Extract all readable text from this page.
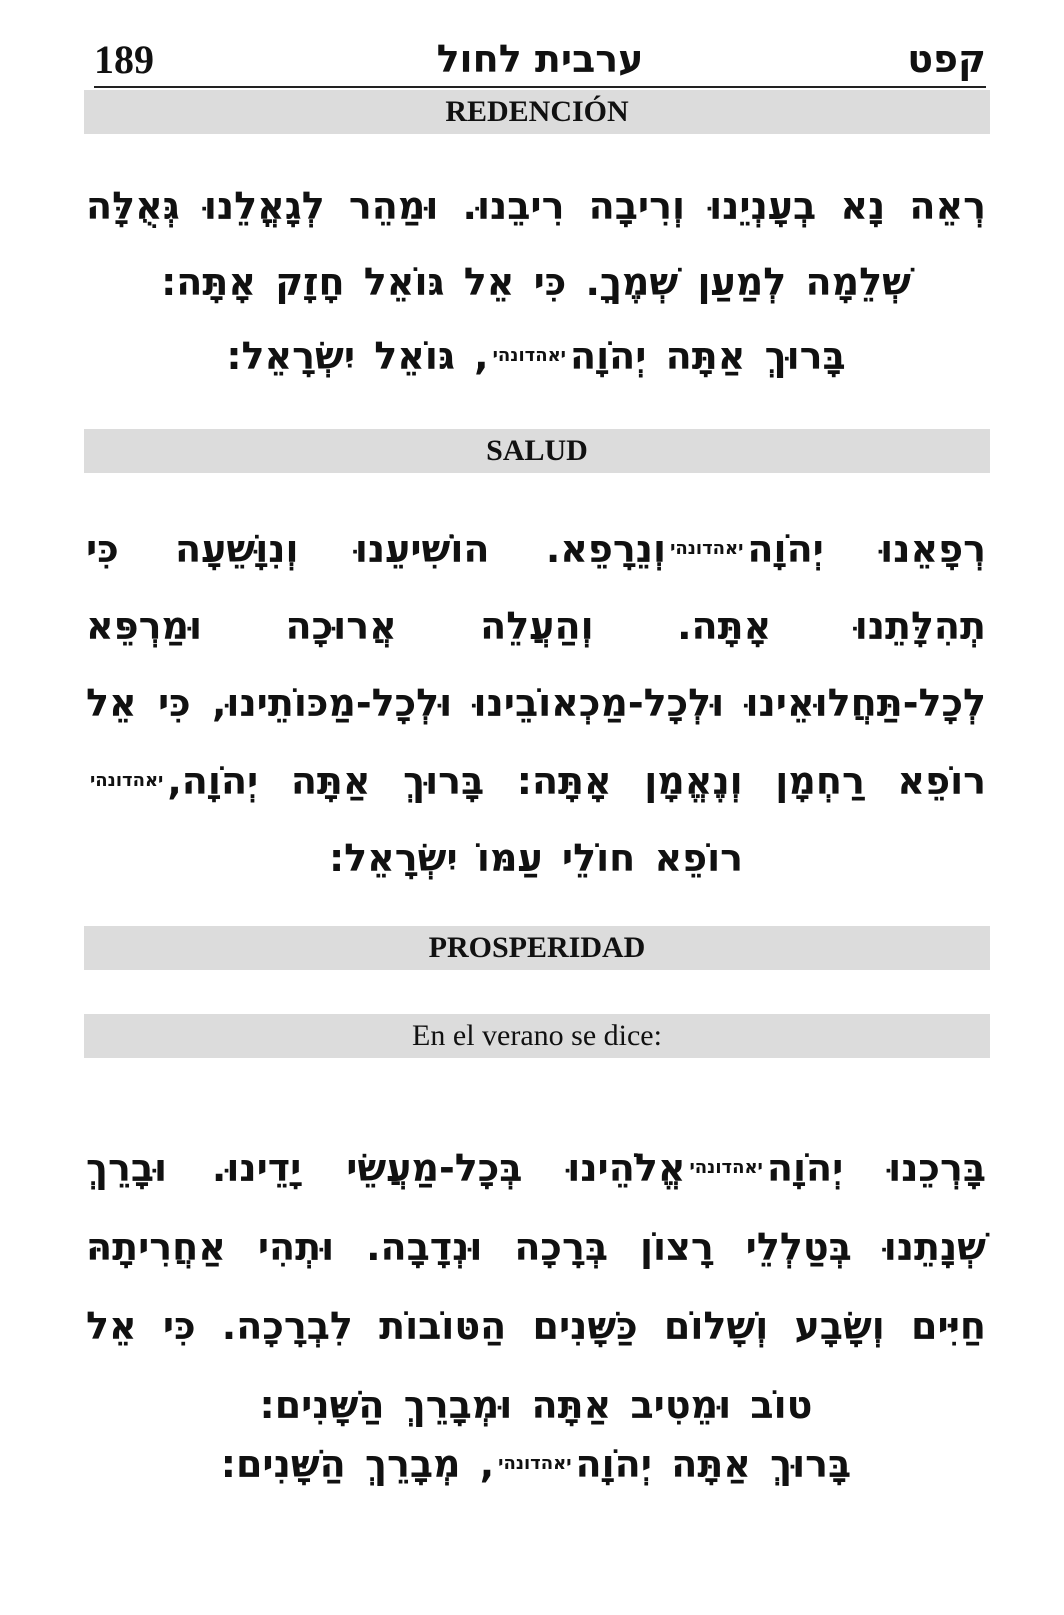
189	ערבית לחול	קפט
REDENCIÓN
רְאֵה נָא בְעָנְיֵנוּ וְרִיבָה רִיבֵנוּ. וּמַהֵר לְגָאֳלֵנוּ גְּאֻלָּה שְׁלֵמָה לְמַעַן שְׁמֶךָ. כִּי אֵל גּוֹאֵל חָזָק אָתָּה:
בָּרוּךְ אַתָּה יְהֹוָהיאהדונהי, גּוֹאֵל יִשְׂרָאֵל:
SALUD
רְפָאֵנוּ יְהֹוָהיאהדונהיוְנֵרָפֵא. הוֹשִׁיעֵנוּ וְנִוָּשֵׁעָה כִּי תְהִלָּתֵנוּ אָתָּה. וְהַעֲלֵה אֲרוּכָה וּמַרְפֵּא לְכָל-תַּחֲלוּאֵינוּ וּלְכָל-מַכְאוֹבֵינוּ וּלְכָל-מַכּוֹתֵינוּ, כִּי אֵל רוֹפֵא רַחְמָן וְנֶאֱמָן אָתָּה: בָּרוּךְ אַתָּה יְהֹוָה,יאהדונהירוֹפֵא חוֹלֵי עַמּוֹ יִשְׂרָאֵל:
PROSPERIDAD
En el verano se dice:
בָּרְכֵנוּ יְהֹוָהיאהדונהיאֱלֹהֵינוּ בְּכָל-מַעֲשֵׂי יָדֵינוּ. וּבָרֵךְ שְׁנָתֵנוּ בְּטַלְלֵי רָצוֹן בְּרָכָה וּנְדָבָה. וּתְהִי אַחֲרִיתָהּ חַיִּים וְשָׂבָע וְשָׁלוֹם כַּשָּׁנִים הַטּוֹבוֹת לִבְרָכָה. כִּי אֵל טוֹב וּמֵטִיב אַתָּה וּמְבָרֵךְ הַשָּׁנִים:
בָּרוּךְ אַתָּה יְהֹוָהיאהדונהי, מְבָרֵךְ הַשָּׁנִים:
